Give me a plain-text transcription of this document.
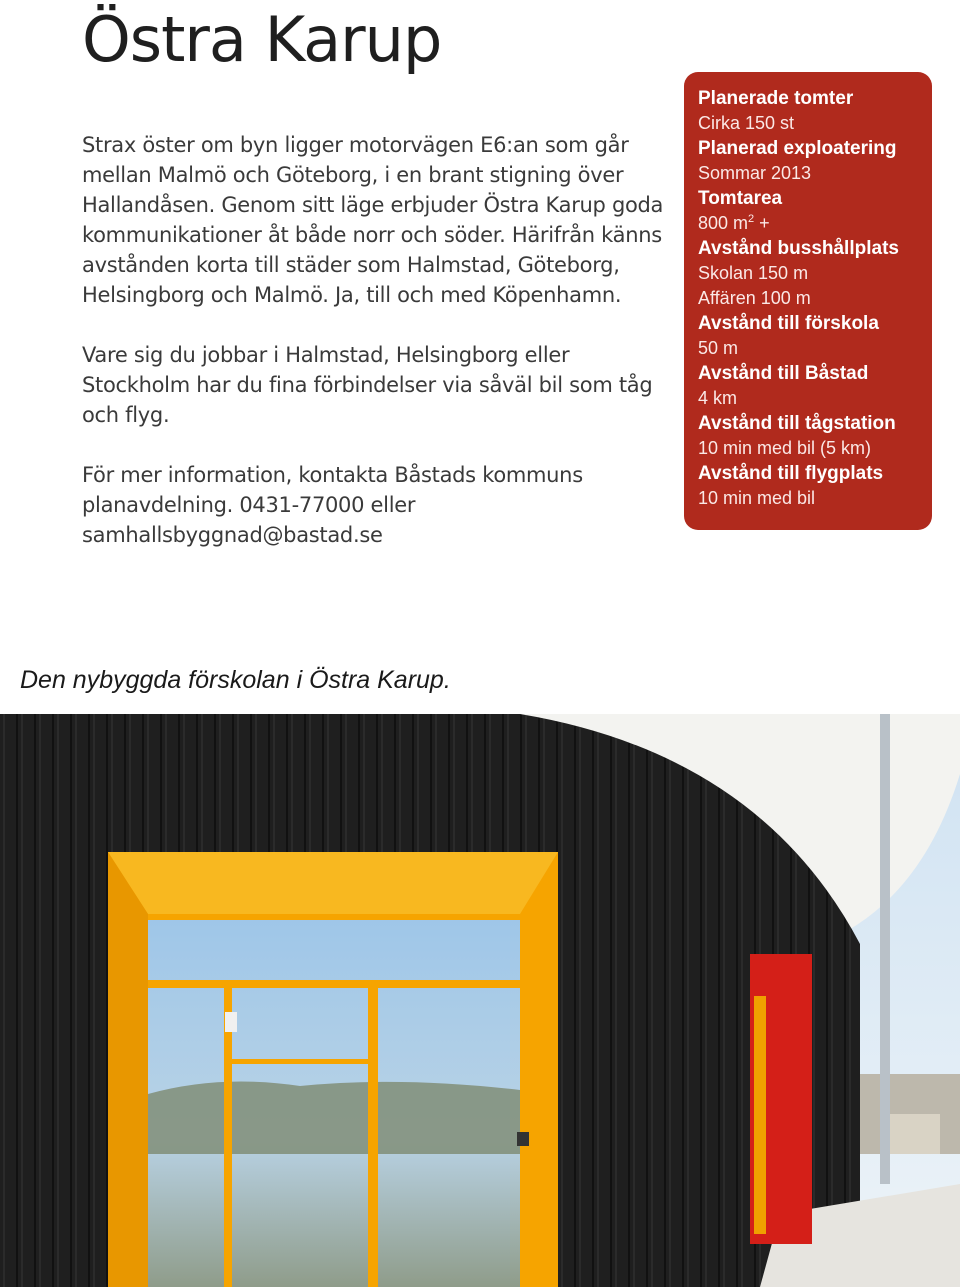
Östra Karup

Strax öster om byn ligger motorvägen E6:an som går mellan Malmö och Göteborg, i en brant stigning över Hallandåsen. Genom sitt läge erbjuder Östra Karup goda kommunikationer åt både norr och söder. Härifrån känns avstånden korta till städer som Halmstad, Göteborg, Helsingborg och Malmö. Ja, till och med Köpenhamn.

Vare sig du jobbar i Halmstad, Helsingborg eller Stockholm har du fina förbindelser via såväl bil som tåg och flyg.

För mer information, kontakta Båstads kommuns planavdelning. 0431-77000 eller samhallsbyggnad@bastad.se

Planerade tomter
Cirka 150 st
Planerad exploatering
Sommar 2013
Tomtarea
800 $m^2$ +
Avstånd busshållplats
Skolan 150 m
Affären 100 m
Avstånd till förskola
50 m
Avstånd till Båstad
4 km
Avstånd till tågstation
10 min med bil (5 km)
Avstånd till flygplats
10 min med bil
Den nybyggda förskolan i Östra Karup.
